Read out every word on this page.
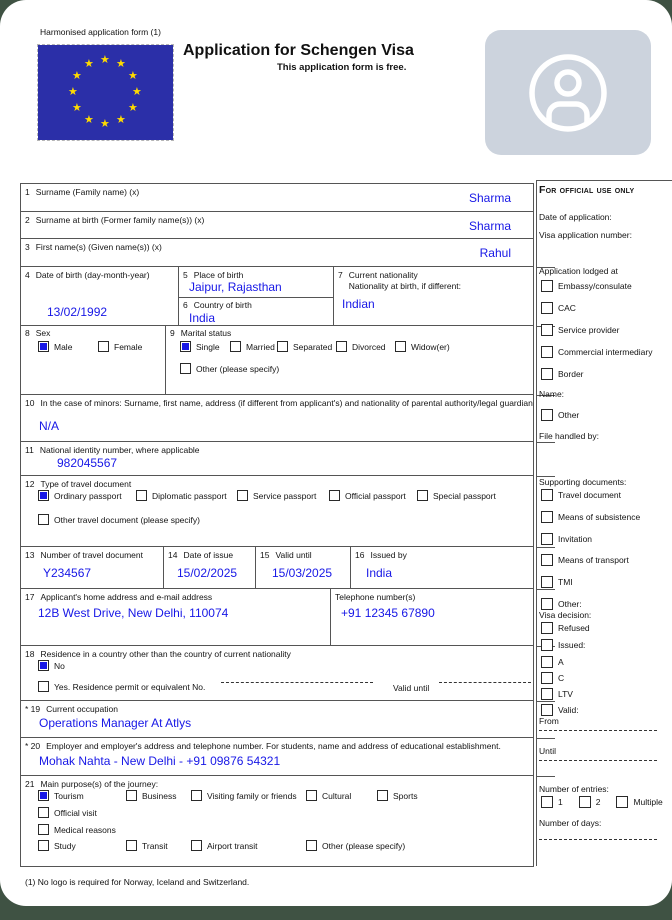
Harmonised application form (1)
★ ★
★
★
★
★
★
★
★
★
★
★
Application for Schengen Visa
This application form is free.
1 Surname (Family name) (x)	Sharma
2 Surname at birth (Former family name(s)) (x)	Sharma
3 First name(s) (Given name(s)) (x)	Rahul
4 Date of birth (day-month-year)
13/02/1992
5 Place of birth
Jaipur, Rajasthan
6 Country of birth
India
7 Current nationality
Nationality at birth, if different:
Indian
8 Sex
Male	Female
9 Marital status
Single	Married Separated Divorced	Widow(er)
Other (please specify)
10 In the case of minors: Surname, first name, address (if different from applicant's) and nationality of parental authority/legal guardian
N/A
11 National identity number, where applicable
982045567
12 Type of travel document
Ordinary passport	Diplomatic passport	Service passport	Official passport	Special passport
Other travel document (please specify)
13 Number of travel document
Y234567
14 Date of issue
15/02/2025
15 Valid until
15/03/2025
16 Issued by
India
17 Applicant's home address and e-mail address
12B West Drive, New Delhi, 110074
Telephone number(s)
+91 12345 67890
18 Residence in a country other than the country of current nationality
No
Yes. Residence permit or equivalent No.	Valid until
* 19 Current occupation
Operations Manager At Atlys
* 20 Employer and employer's address and telephone number. For students, name and address of educational establishment.
Mohak Nahta - New Delhi - +91 09876 54321
21 Main purpose(s) of the journey:
Tourism	Business	Visiting family or friends	Cultural	Sports
Official visit
Medical reasons
Study	Transit	Airport transit	Other (please specify)
For official use only
Date of application:
Visa application number:
Application lodged at
Embassy/consulate
CAC
Service provider
Commercial intermediary
Border
Name:
Other
File handled by:
Supporting documents:
Travel document
Means of subsistence
Invitation
Means of transport
TMI
Other:
Visa decision:
Refused
Issued:
A
C
LTV
Valid:
From
Until
Number of entries:
1	2	Multiple
Number of days:
(1) No logo is required for Norway, Iceland and Switzerland.
